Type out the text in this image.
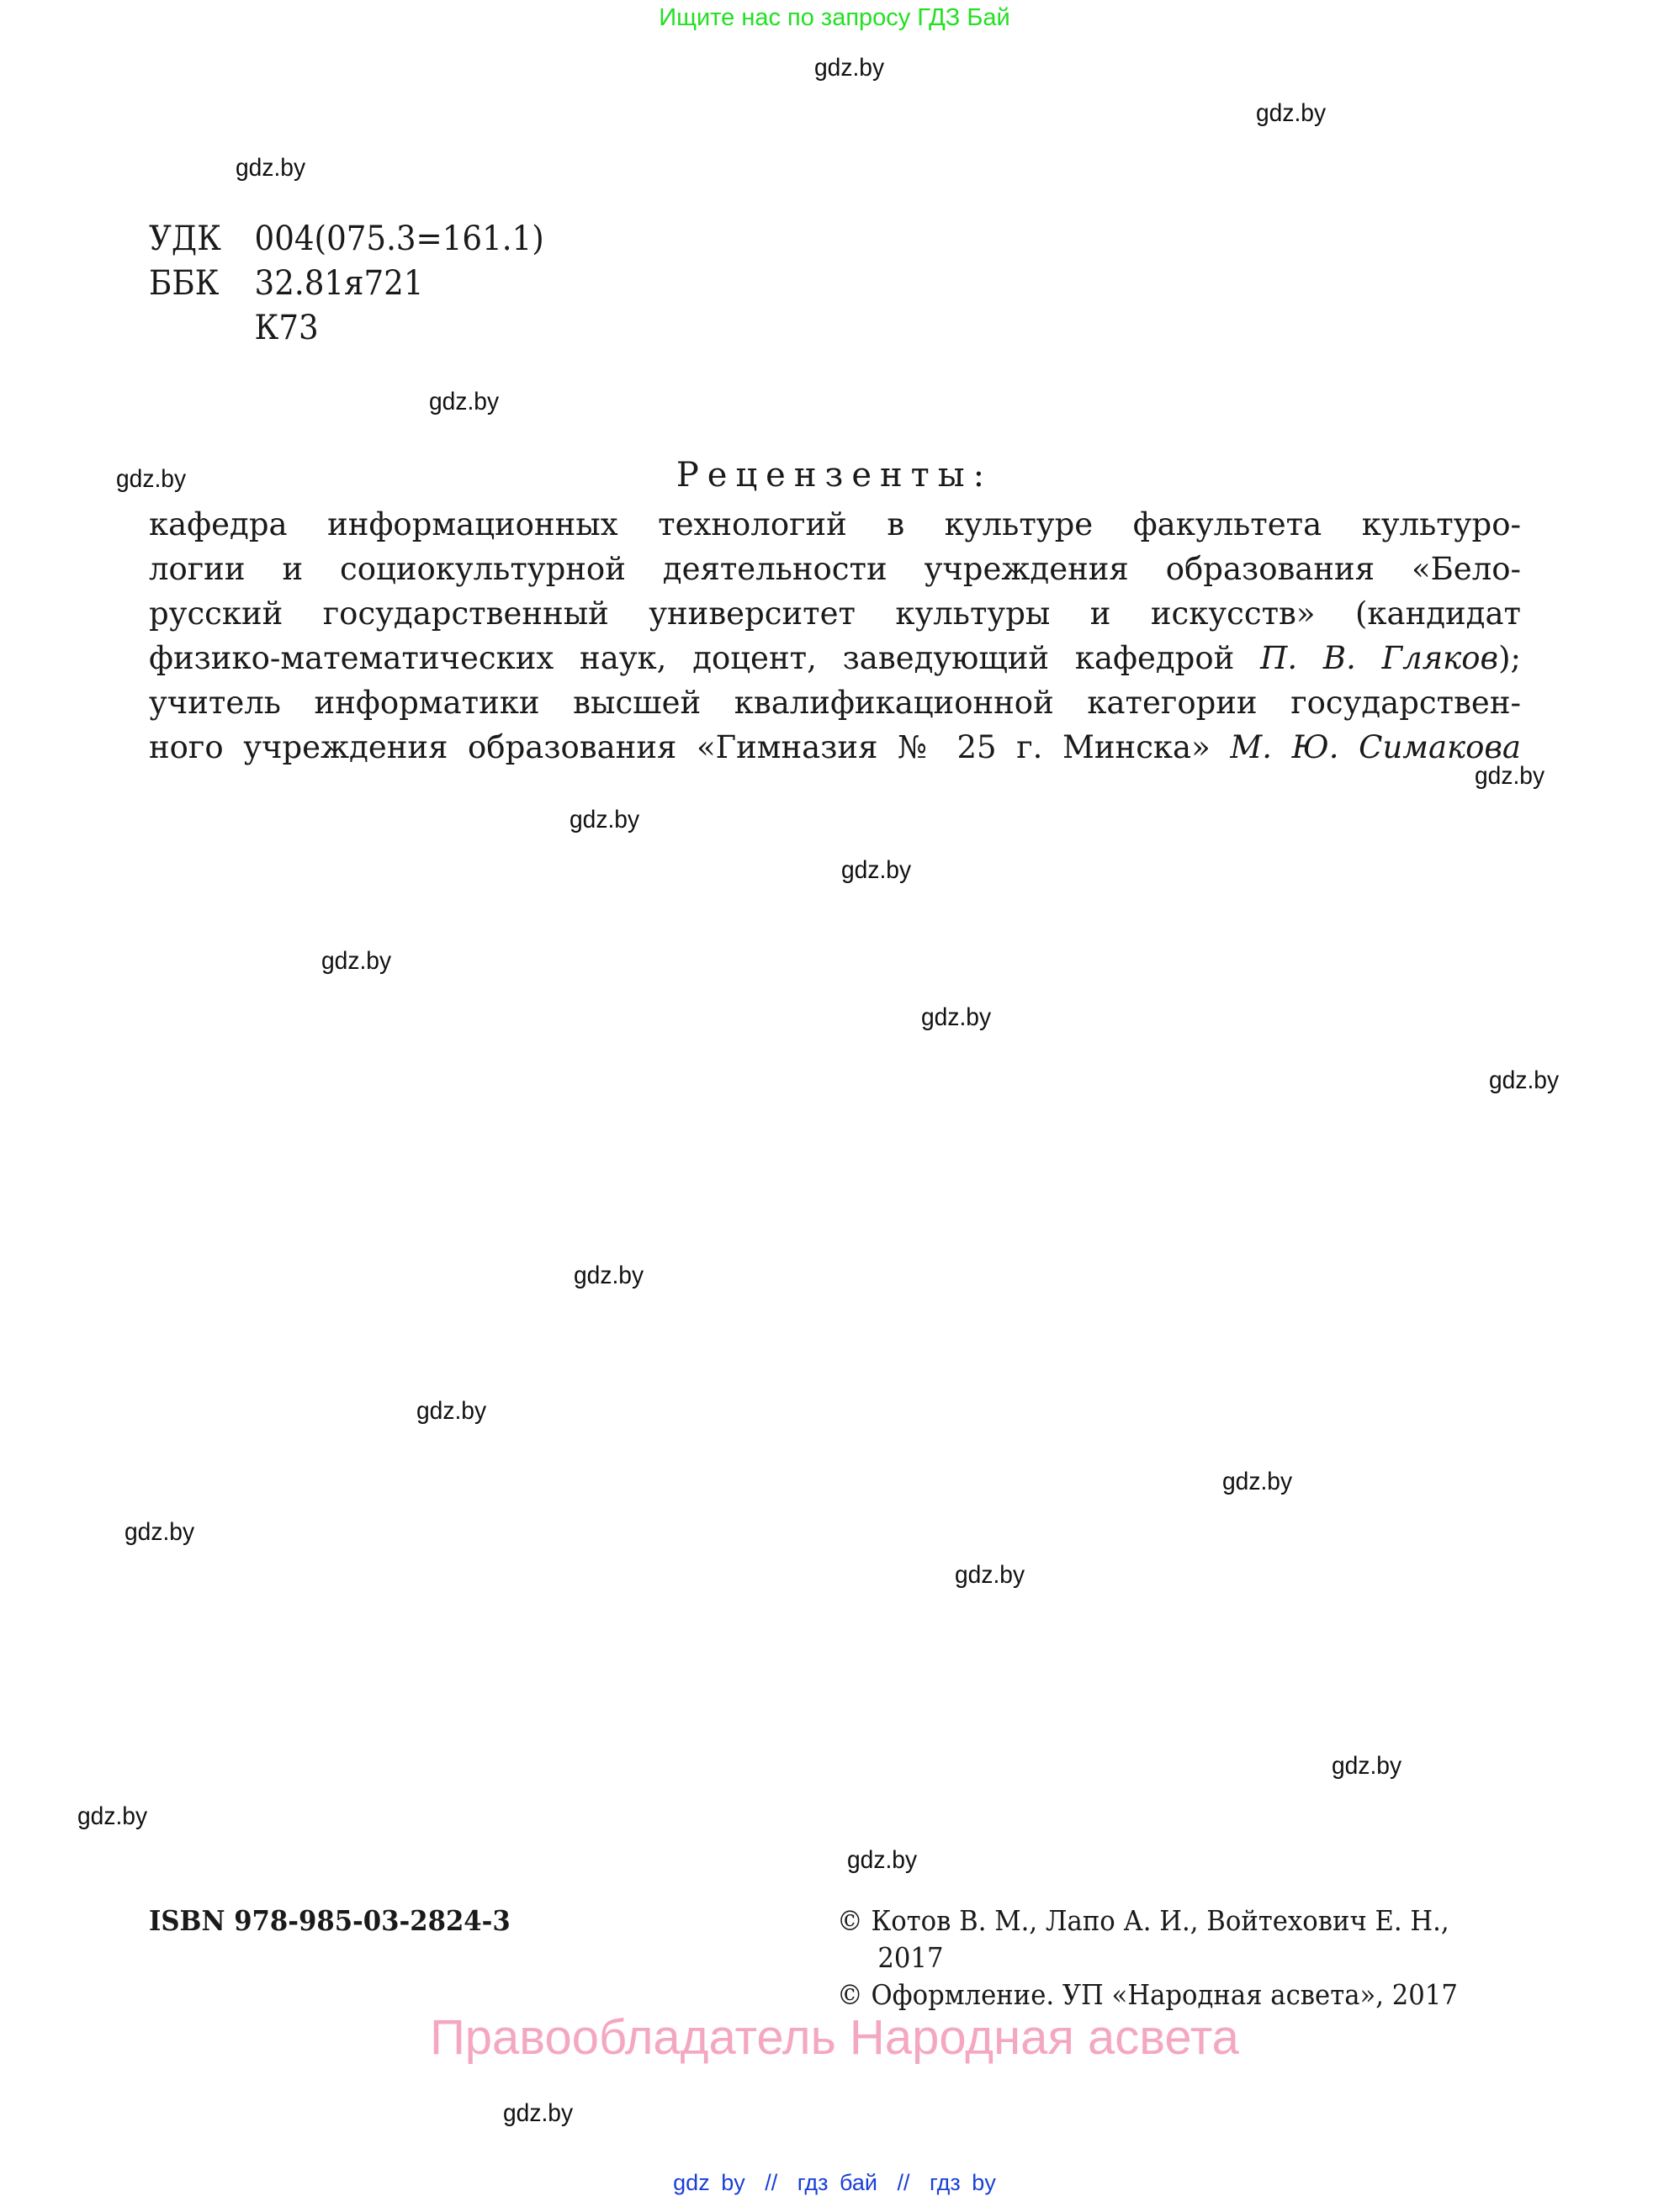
Ищите нас по запросу ГДЗ Бай
gdz.by
gdz.by
gdz.by
gdz.by
gdz.by
gdz.by
gdz.by
gdz.by
gdz.by
gdz.by
gdz.by
gdz.by
gdz.by
gdz.by
gdz.by
gdz.by
gdz.by
gdz.by
gdz.by
gdz.by
УДК 004(075.3=161.1)
ББК	32.81я721
К73
Рецензенты:
кафедра информационных технологий в культуре факультета культуро-
логии и социокультурной деятельности учреждения образования «Бело-
русский государственный университет культуры и искусств» (кандидат
физико-математических наук, доцент, заведующий кафедрой П. В. Гляков);
учитель информатики высшей квалификационной категории государствен-
ного учреждения образования «Гимназия № 25 г. Минска» М. Ю. Симакова
ISBN 978-985-03-2824-3	© Котов В. М., Лапо А. И., Войтехович Е. Н.,
2017
© Оформление. УП «Народная асвета», 2017
Правообладатель Народная асвета
gdz by // гдз бай // гдз by
